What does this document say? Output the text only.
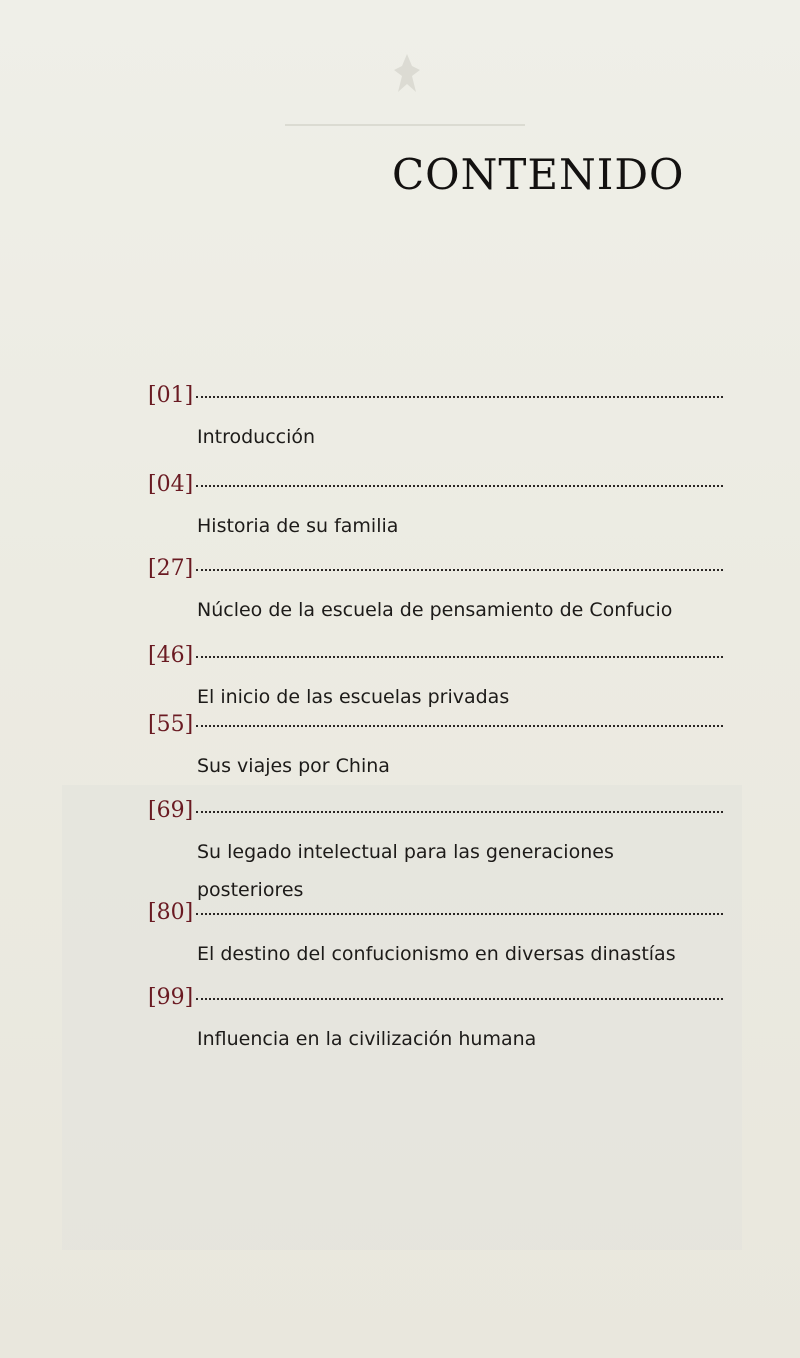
CONTENIDO
[01]
Introducción
[04]
Historia de su familia
[27]
Núcleo de la escuela de pensamiento de Confucio
[46]
El inicio de las escuelas privadas
[55]
Sus viajes por China
[69]
Su legado intelectual para las generaciones posteriores
[80]
El destino del confucionismo en diversas dinastías
[99]
Influencia en la civilización humana
